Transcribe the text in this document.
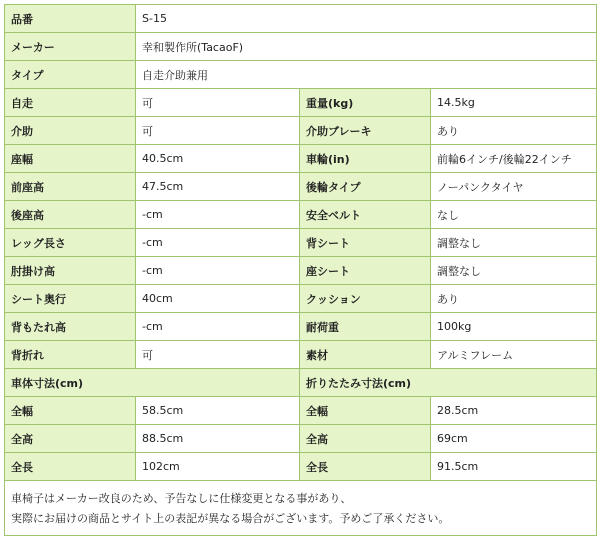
品番	S-15		
メーカー	幸和製作所(TacaoF)		
タイプ	自走介助兼用		
自走	可	重量(kg)	14.5kg
介助	可	介助ブレーキ	あり
座幅	40.5cm	車輪(in)	前輪6インチ/後輪22インチ
前座高	47.5cm	後輪タイプ	ノーパンクタイヤ
後座高	-cm	安全ベルト	なし
レッグ長さ	-cm	背シート	調整なし
肘掛け高	-cm	座シート	調整なし
シート奥行	40cm	クッション	あり
背もたれ高	-cm	耐荷重	100kg
背折れ	可	素材	アルミフレーム
車体寸法(cm)		折りたたみ寸法(cm)	
全幅	58.5cm	全幅	28.5cm
全高	88.5cm	全高	69cm
全長	102cm	全長	91.5cm

車椅子はメーカー改良のため、予告なしに仕様変更となる事があり、
実際にお届けの商品とサイト上の表記が異なる場合がございます。予めご了承ください。			
